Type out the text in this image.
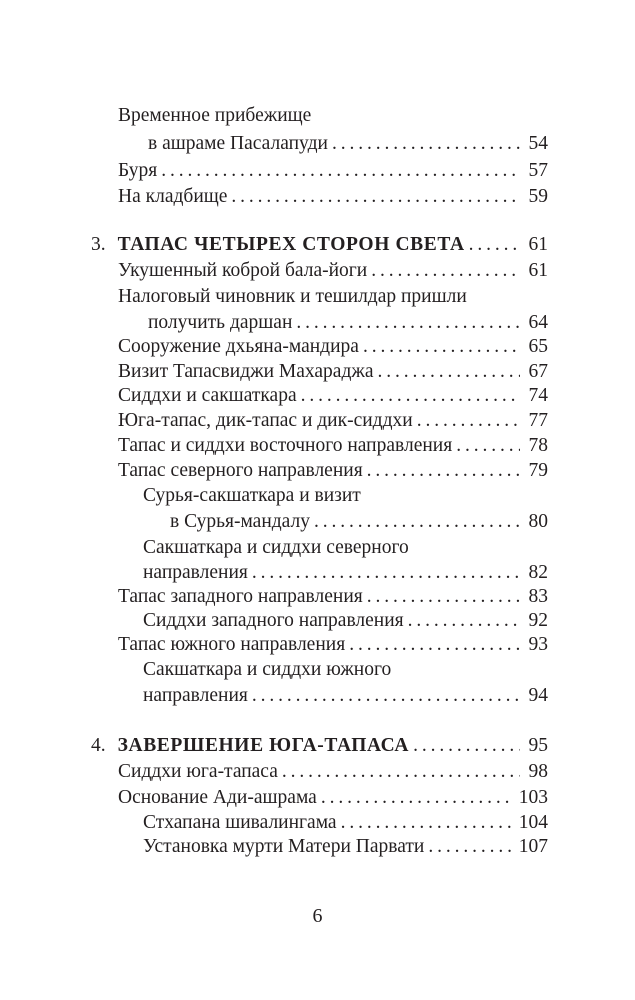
Временное прибежище
в ашраме Пасалапуди . . .	54
Буря . . .	57
На кладбище . . .	59
3. ТАПАС ЧЕТЫРЕХ СТОРОН СВЕТА . . .	61
Укушенный коброй бала-йоги . . .	61
Налоговый чиновник и тешилдар пришли
получить даршан . . .	64
Сооружение дхьяна-мандира . . .	65
Визит Тапасвиджи Махараджа . . .	67
Сиддхи и сакшаткара . . .	74
Юга-тапас, дик-тапас и дик-сиддхи . . .	77
Тапас и сиддхи восточного направления . . .	78
Тапас северного направления . . .	79
Сурья-сакшаткара и визит
в Сурья-мандалу . . .	80
Сакшаткара и сиддхи северного
направления . . .	82
Тапас западного направления . . .	83
Сиддхи западного направления . . .	92
Тапас южного направления . . .	93
Сакшаткара и сиддхи южного
направления . . .	94
4. ЗАВЕРШЕНИЕ ЮГА-ТАПАСА . . .	95
Сиддхи юга-тапаса . . .	98
Основание Ади-ашрама . . .	103
Стхапана шивалингама . . .	104
Установка мурти Матери Парвати . . .	107
6
